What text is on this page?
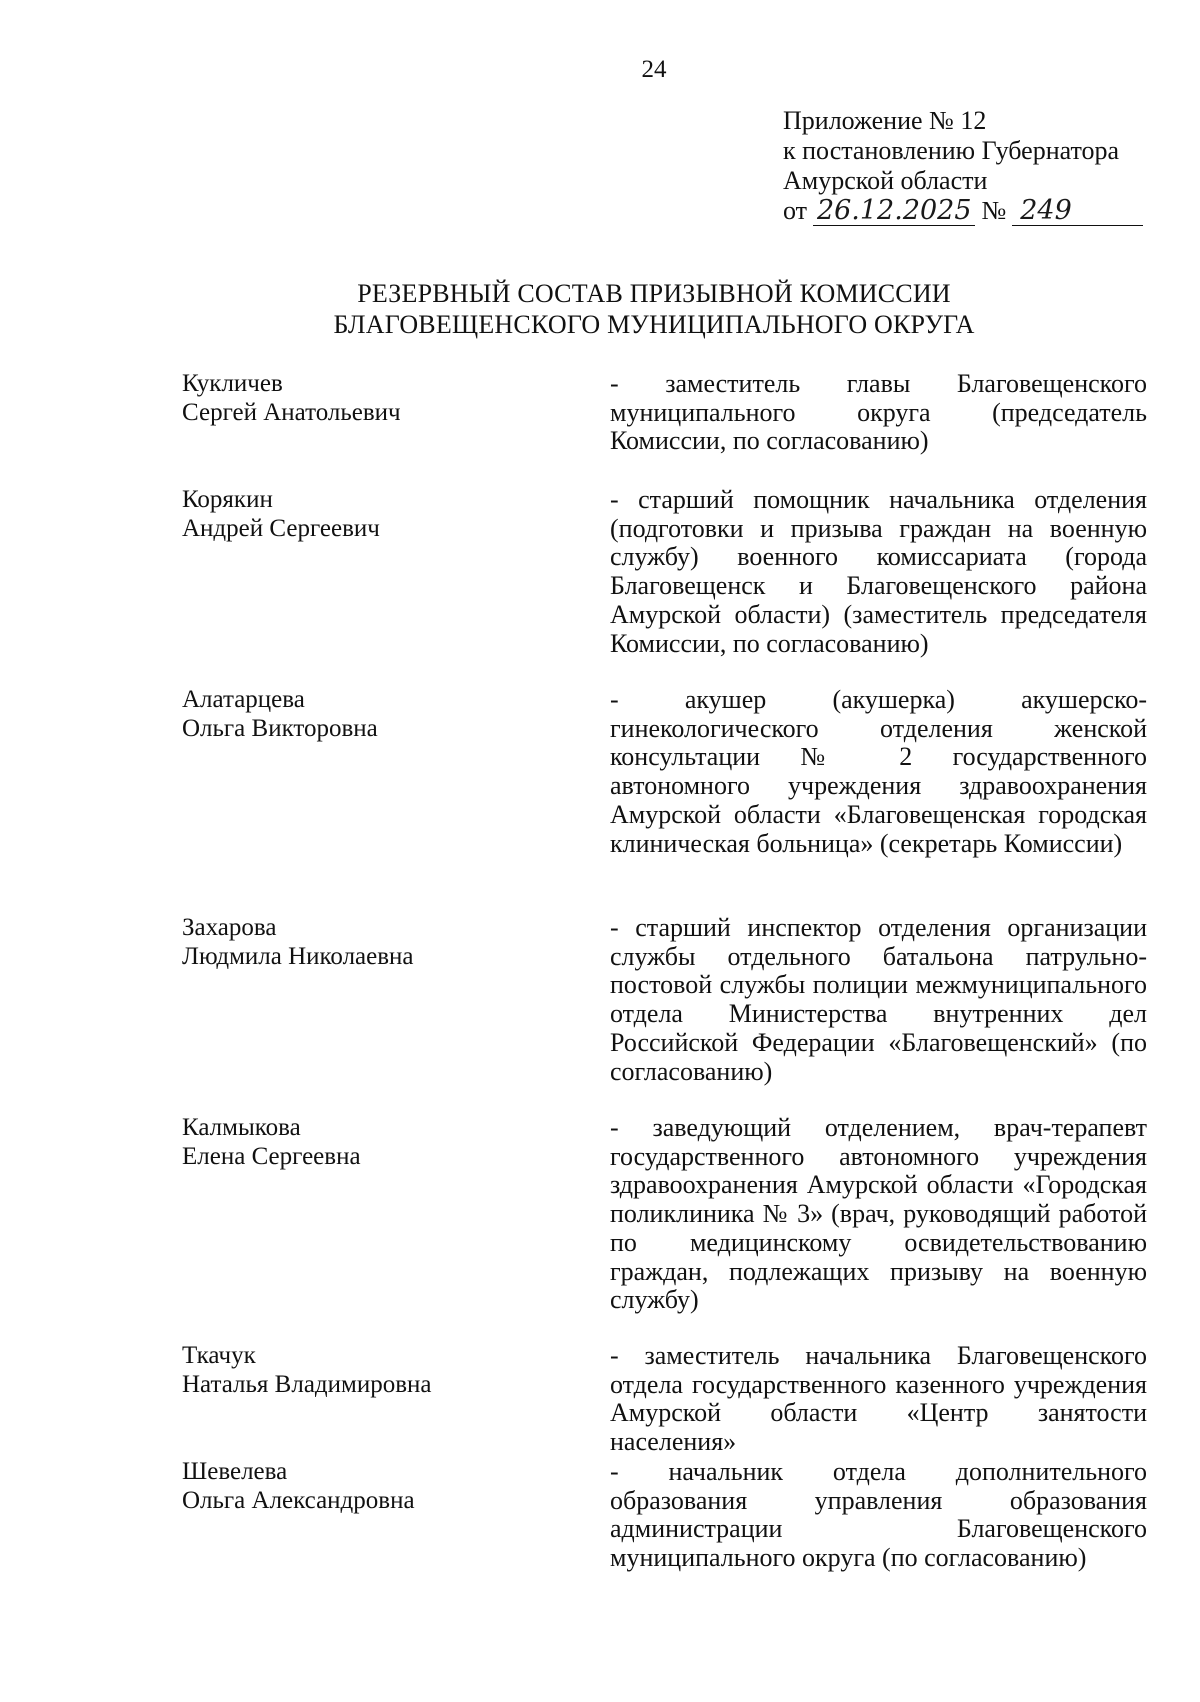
24
Приложение № 12
к постановлению Губернатора
Амурской области
от 26.12.2025 № 249
РЕЗЕРВНЫЙ СОСТАВ ПРИЗЫВНОЙ КОМИССИИ
БЛАГОВЕЩЕНСКОГО МУНИЦИПАЛЬНОГО ОКРУГА
Кукличев
Сергей Анатольевич
- заместитель главы Благовещенского муниципального округа (председатель Комиссии, по согласованию)
Корякин
Андрей Сергеевич
- старший помощник начальника отделения (подготовки и призыва граждан на военную службу) военного комиссариата (города Благовещенск и Благовещенского района Амурской области) (заместитель председателя Комиссии, по согласованию)
Алатарцева
Ольга Викторовна
- акушер (акушерка) акушерско-гинекологического отделения женской консультации № 2 государственного автономного учреждения здравоохранения Амурской области «Благовещенская городская клиническая больница» (секретарь Комиссии)
Захарова
Людмила Николаевна
- старший инспектор отделения организации службы отдельного батальона патрульно-постовой службы полиции межмуниципального отдела Министерства внутренних дел Российской Федерации «Благовещенский» (по согласованию)
Калмыкова
Елена Сергеевна
- заведующий отделением, врач-терапевт государственного автономного учреждения здравоохранения Амурской области «Городская поликлиника № 3» (врач, руководящий работой по медицинскому освидетельствованию граждан, подлежащих призыву на военную службу)
Ткачук
Наталья Владимировна
- заместитель начальника Благовещенского отдела государственного казенного учреждения Амурской области «Центр занятости населения»
Шевелева
Ольга Александровна
- начальник отдела дополнительного образования управления образования администрации Благовещенского муниципального округа (по согласованию)
